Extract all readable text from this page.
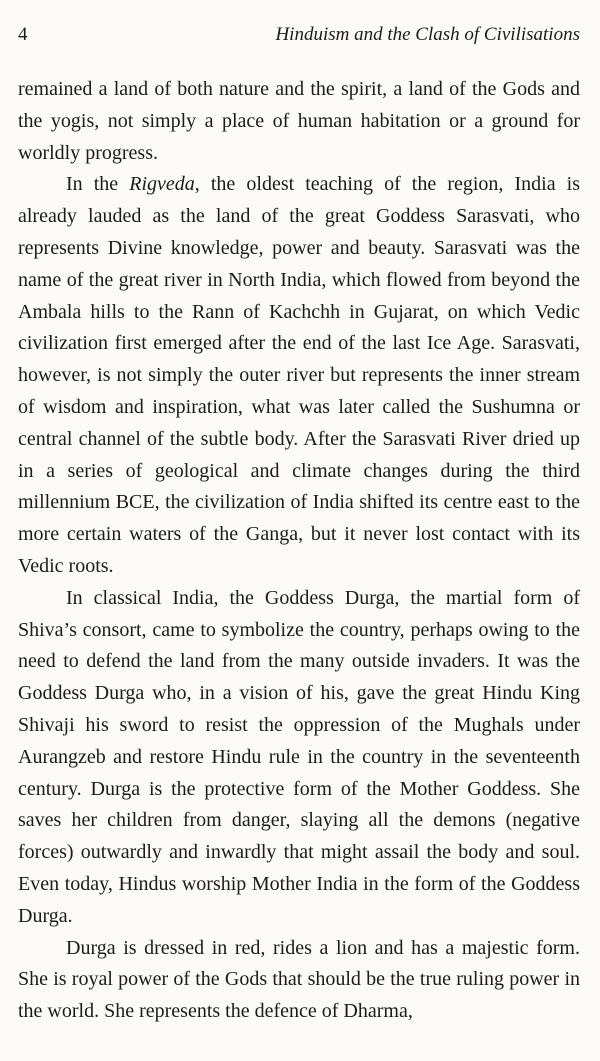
4	Hinduism and the Clash of Civilisations

remained a land of both nature and the spirit, a land of the Gods and the yogis, not simply a place of human habitation or a ground for worldly progress.

In the Rigveda, the oldest teaching of the region, India is already lauded as the land of the great Goddess Sarasvati, who represents Divine knowledge, power and beauty. Sarasvati was the name of the great river in North India, which flowed from beyond the Ambala hills to the Rann of Kachchh in Gujarat, on which Vedic civilization first emerged after the end of the last Ice Age. Sarasvati, however, is not simply the outer river but represents the inner stream of wisdom and inspiration, what was later called the Sushumna or central channel of the subtle body. After the Sarasvati River dried up in a series of geological and climate changes during the third millennium BCE, the civilization of India shifted its centre east to the more certain waters of the Ganga, but it never lost contact with its Vedic roots.

In classical India, the Goddess Durga, the martial form of Shiva’s consort, came to symbolize the country, perhaps owing to the need to defend the land from the many outside invaders. It was the Goddess Durga who, in a vision of his, gave the great Hindu King Shivaji his sword to resist the oppression of the Mughals under Aurangzeb and restore Hindu rule in the country in the seventeenth century. Durga is the protective form of the Mother Goddess. She saves her children from danger, slaying all the demons (negative forces) outwardly and inwardly that might assail the body and soul. Even today, Hindus worship Mother India in the form of the Goddess Durga.

Durga is dressed in red, rides a lion and has a majestic form. She is royal power of the Gods that should be the true ruling power in the world. She represents the defence of Dharma,
